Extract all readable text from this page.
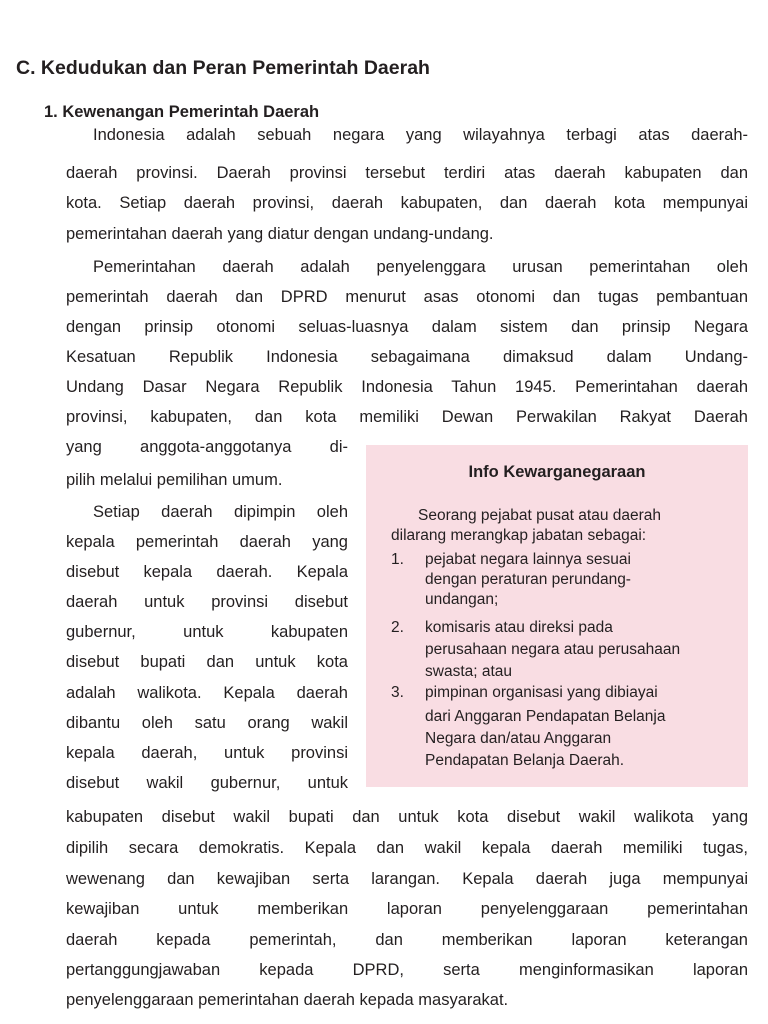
C. Kedudukan dan Peran Pemerintah Daerah
1. Kewenangan Pemerintah Daerah
Indonesia adalah sebuah negara yang wilayahnya terbagi atas daerah-
daerah provinsi. Daerah provinsi tersebut terdiri atas daerah kabupaten dan
kota. Setiap daerah provinsi, daerah kabupaten, dan daerah kota mempunyai
pemerintahan daerah yang diatur dengan undang-undang.
Pemerintahan daerah adalah penyelenggara urusan pemerintahan oleh
pemerintah daerah dan DPRD menurut asas otonomi dan tugas pembantuan
dengan prinsip otonomi seluas-luasnya dalam sistem dan prinsip Negara
Kesatuan Republik Indonesia sebagaimana dimaksud dalam Undang-
Undang Dasar Negara Republik Indonesia Tahun 1945. Pemerintahan daerah
provinsi, kabupaten, dan kota memiliki Dewan Perwakilan Rakyat Daerah
yang anggota-anggotanya di-
pilih melalui pemilihan umum.
Setiap daerah dipimpin oleh
kepala pemerintah daerah yang
disebut kepala daerah. Kepala
daerah untuk provinsi disebut
gubernur, untuk kabupaten
disebut bupati dan untuk kota
adalah walikota. Kepala daerah
dibantu oleh satu orang wakil
kepala daerah, untuk provinsi
disebut wakil gubernur, untuk
kabupaten disebut wakil bupati dan untuk kota disebut wakil walikota yang
dipilih secara demokratis. Kepala dan wakil kepala daerah memiliki tugas,
wewenang dan kewajiban serta larangan. Kepala daerah juga mempunyai
kewajiban untuk memberikan laporan penyelenggaraan pemerintahan
daerah kepada pemerintah, dan memberikan laporan keterangan
pertanggungjawaban kepada DPRD, serta menginformasikan laporan
penyelenggaraan pemerintahan daerah kepada masyarakat.
Info Kewarganegaraan
Seorang pejabat pusat atau daerah
dilarang merangkap jabatan sebagai:
1. pejabat negara lainnya sesuai
dengan peraturan perundang-
undangan;
2. komisaris atau direksi pada
perusahaan negara atau perusahaan
swasta; atau
3. pimpinan organisasi yang dibiayai
dari Anggaran Pendapatan Belanja
Negara dan/atau Anggaran
Pendapatan Belanja Daerah.
